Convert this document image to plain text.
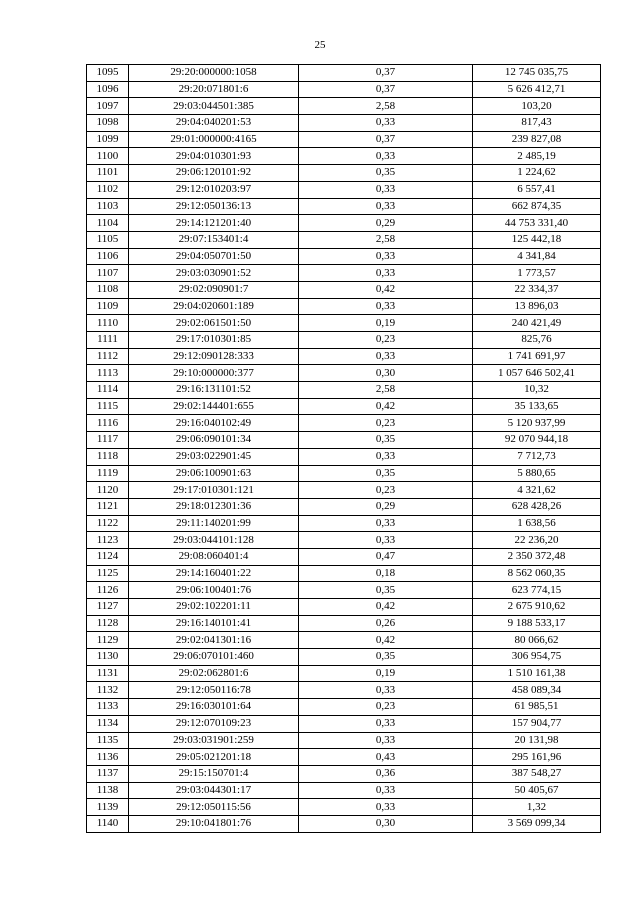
25
1095	29:20:000000:1058	0,37	12 745 035,75
1096	29:20:071801:6	0,37	5 626 412,71
1097	29:03:044501:385	2,58	103,20
1098	29:04:040201:53	0,33	817,43
1099	29:01:000000:4165	0,37	239 827,08
1100	29:04:010301:93	0,33	2 485,19
1101	29:06:120101:92	0,35	1 224,62
1102	29:12:010203:97	0,33	6 557,41
1103	29:12:050136:13	0,33	662 874,35
1104	29:14:121201:40	0,29	44 753 331,40
1105	29:07:153401:4	2,58	125 442,18
1106	29:04:050701:50	0,33	4 341,84
1107	29:03:030901:52	0,33	1 773,57
1108	29:02:090901:7	0,42	22 334,37
1109	29:04:020601:189	0,33	13 896,03
1110	29:02:061501:50	0,19	240 421,49
1111	29:17:010301:85	0,23	825,76
1112	29:12:090128:333	0,33	1 741 691,97
1113	29:10:000000:377	0,30	1 057 646 502,41
1114	29:16:131101:52	2,58	10,32
1115	29:02:144401:655	0,42	35 133,65
1116	29:16:040102:49	0,23	5 120 937,99
1117	29:06:090101:34	0,35	92 070 944,18
1118	29:03:022901:45	0,33	7 712,73
1119	29:06:100901:63	0,35	5 880,65
1120	29:17:010301:121	0,23	4 321,62
1121	29:18:012301:36	0,29	628 428,26
1122	29:11:140201:99	0,33	1 638,56
1123	29:03:044101:128	0,33	22 236,20
1124	29:08:060401:4	0,47	2 350 372,48
1125	29:14:160401:22	0,18	8 562 060,35
1126	29:06:100401:76	0,35	623 774,15
1127	29:02:102201:11	0,42	2 675 910,62
1128	29:16:140101:41	0,26	9 188 533,17
1129	29:02:041301:16	0,42	80 066,62
1130	29:06:070101:460	0,35	306 954,75
1131	29:02:062801:6	0,19	1 510 161,38
1132	29:12:050116:78	0,33	458 089,34
1133	29:16:030101:64	0,23	61 985,51
1134	29:12:070109:23	0,33	157 904,77
1135	29:03:031901:259	0,33	20 131,98
1136	29:05:021201:18	0,43	295 161,96
1137	29:15:150701:4	0,36	387 548,27
1138	29:03:044301:17	0,33	50 405,67
1139	29:12:050115:56	0,33	1,32
1140	29:10:041801:76	0,30	3 569 099,34
